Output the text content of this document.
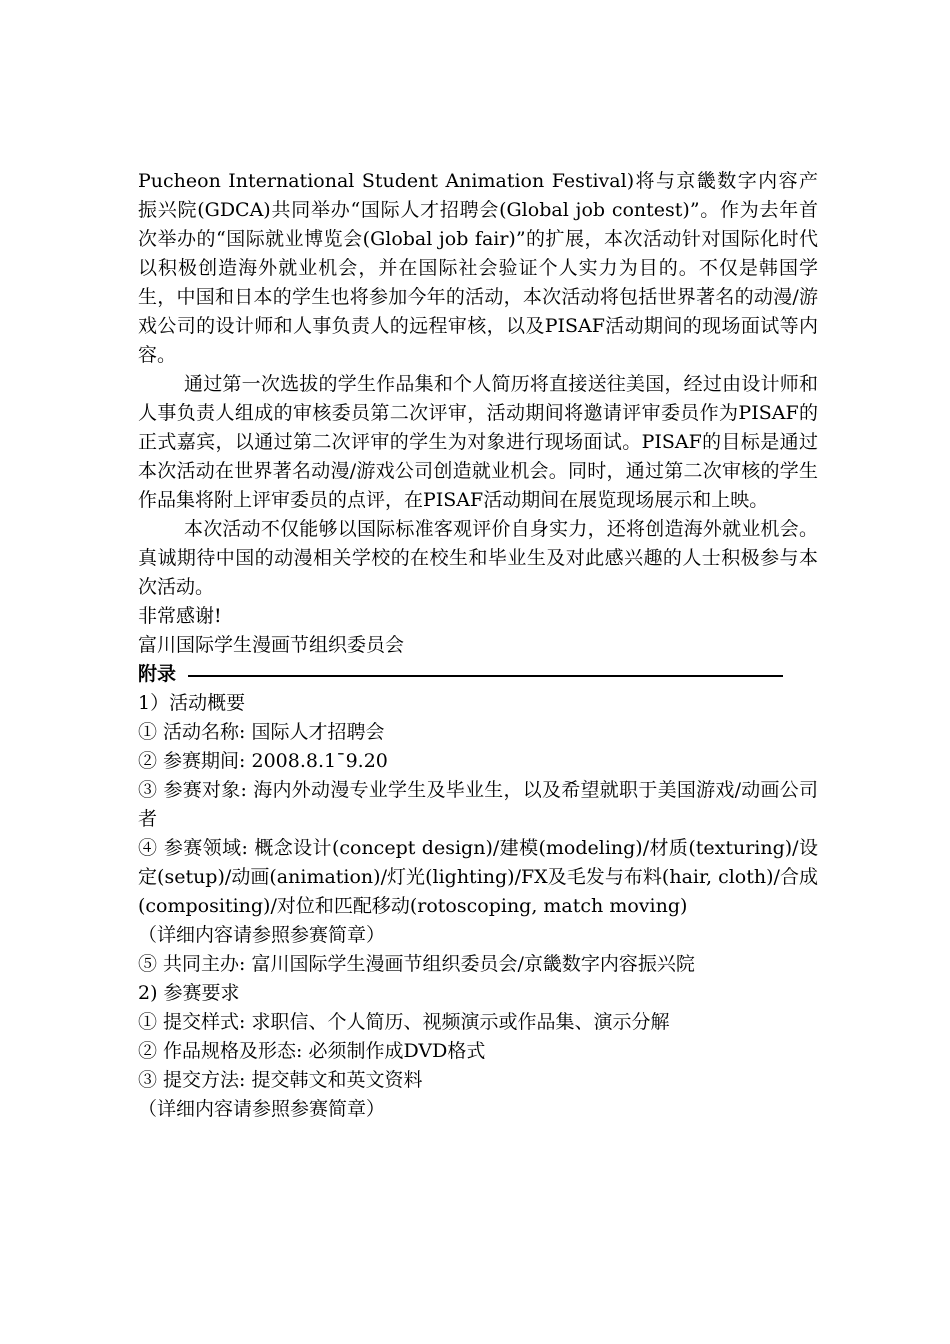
Pucheon International Student Animation Festival)将与京畿数字内容产振兴院(GDCA)共同举办“国际人才招聘会(Global job contest)”。作为去年首次举办的“国际就业博览会(Global job fair)”的扩展，本次活动针对国际化时代以积极创造海外就业机会，并在国际社会验证个人实力为目的。不仅是韩国学生，中国和日本的学生也将参加今年的活动，本次活动将包括世界著名的动漫/游戏公司的设计师和人事负责人的远程审核，以及PISAF活动期间的现场面试等内容。

通过第一次选拔的学生作品集和个人简历将直接送往美国，经过由设计师和人事负责人组成的审核委员第二次评审，活动期间将邀请评审委员作为PISAF的正式嘉宾，以通过第二次评审的学生为对象进行现场面试。PISAF的目标是通过本次活动在世界著名动漫/游戏公司创造就业机会。同时，通过第二次审核的学生作品集将附上评审委员的点评，在PISAF活动期间在展览现场展示和上映。

本次活动不仅能够以国际标准客观评价自身实力，还将创造海外就业机会。真诚期待中国的动漫相关学校的在校生和毕业生及对此感兴趣的人士积极参与本次活动。

非常感谢!

富川国际学生漫画节组织委员会

附录

1）活动概要

① 活动名称: 国际人才招聘会

② 参赛期间: 2008.8.1¯9.20

③ 参赛对象: 海内外动漫专业学生及毕业生，以及希望就职于美国游戏/动画公司者

④ 参赛领域: 概念设计(concept design)/建模(modeling)/材质(texturing)/设定(setup)/动画(animation)/灯光(lighting)/FX及毛发与布料(hair, cloth)/合成(compositing)/对位和匹配移动(rotoscoping, match moving)

（详细内容请参照参赛简章）

⑤ 共同主办: 富川国际学生漫画节组织委员会/京畿数字内容振兴院

2) 参赛要求

① 提交样式: 求职信、个人简历、视频演示或作品集、演示分解

② 作品规格及形态: 必须制作成DVD格式

③ 提交方法: 提交韩文和英文资料

（详细内容请参照参赛简章）
